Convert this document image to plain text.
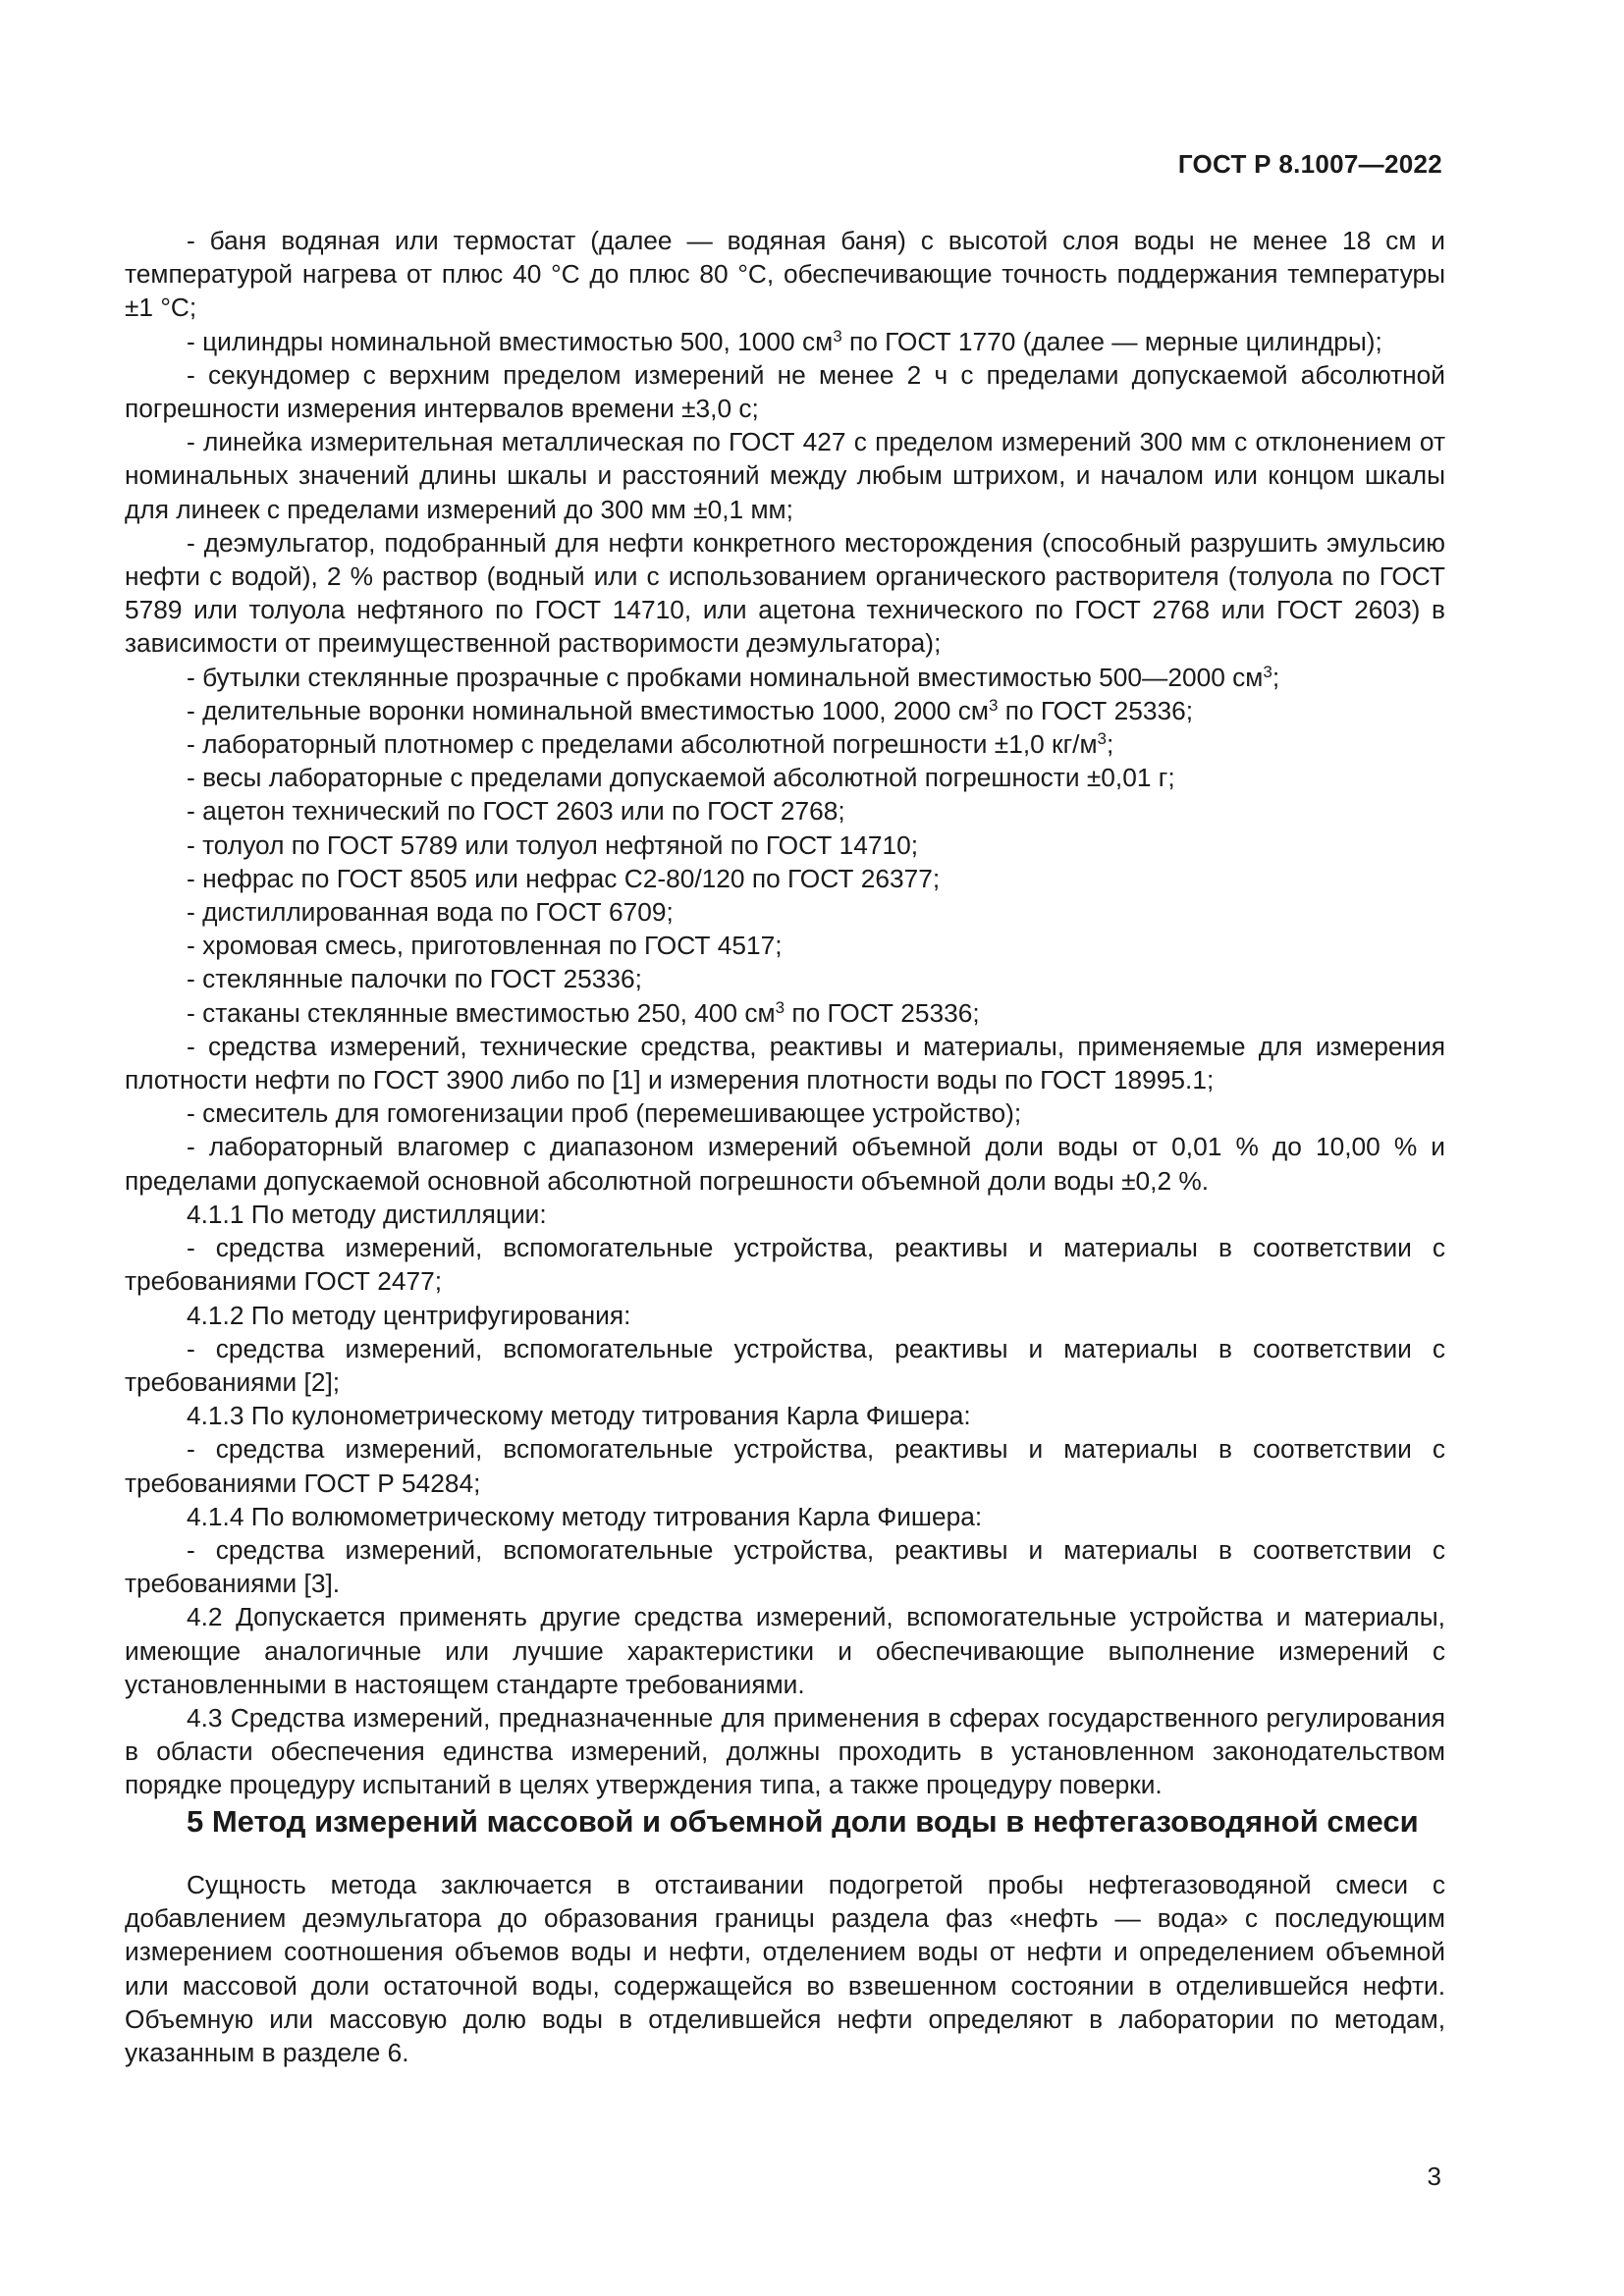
ГОСТ Р 8.1007—2022

- баня водяная или термостат (далее — водяная баня) с высотой слоя воды не менее 18 см и температурой нагрева от плюс 40 °С до плюс 80 °С, обеспечивающие точность поддержания температуры ±1 °С;

- цилиндры номинальной вместимостью 500, 1000 $см^3$ по ГОСТ 1770 (далее — мерные цилиндры);

- секундомер с верхним пределом измерений не менее 2 ч с пределами допускаемой абсолютной погрешности измерения интервалов времени ±3,0 с;

- линейка измерительная металлическая по ГОСТ 427 с пределом измерений 300 мм с отклонением от номинальных значений длины шкалы и расстояний между любым штрихом, и началом или концом шкалы для линеек с пределами измерений до 300 мм ±0,1 мм;

- деэмульгатор, подобранный для нефти конкретного месторождения (способный разрушить эмульсию нефти с водой), 2 % раствор (водный или с использованием органического растворителя (толуола по ГОСТ 5789 или толуола нефтяного по ГОСТ 14710, или ацетона технического по ГОСТ 2768 или ГОСТ 2603) в зависимости от преимущественной растворимости деэмульгатора);

- бутылки стеклянные прозрачные с пробками номинальной вместимостью 500—2000 $см^3$;

- делительные воронки номинальной вместимостью 1000, 2000 $см^3$ по ГОСТ 25336;

- лабораторный плотномер с пределами абсолютной погрешности ±1,0 $кг/м^3$;

- весы лабораторные с пределами допускаемой абсолютной погрешности ±0,01 г;

- ацетон технический по ГОСТ 2603 или по ГОСТ 2768;

- толуол по ГОСТ 5789 или толуол нефтяной по ГОСТ 14710;

- нефрас по ГОСТ 8505 или нефрас С2-80/120 по ГОСТ 26377;

- дистиллированная вода по ГОСТ 6709;

- хромовая смесь, приготовленная по ГОСТ 4517;

- стеклянные палочки по ГОСТ 25336;

- стаканы стеклянные вместимостью 250, 400 $см^3$ по ГОСТ 25336;

- средства измерений, технические средства, реактивы и материалы, применяемые для измерения плотности нефти по ГОСТ 3900 либо по [1] и измерения плотности воды по ГОСТ 18995.1;

- смеситель для гомогенизации проб (перемешивающее устройство);

- лабораторный влагомер с диапазоном измерений объемной доли воды от 0,01 % до 10,00 % и пределами допускаемой основной абсолютной погрешности объемной доли воды ±0,2 %.

4.1.1 По методу дистилляции:

- средства измерений, вспомогательные устройства, реактивы и материалы в соответствии с требованиями ГОСТ 2477;

4.1.2 По методу центрифугирования:

- средства измерений, вспомогательные устройства, реактивы и материалы в соответствии с требованиями [2];

4.1.3 По кулонометрическому методу титрования Карла Фишера:

- средства измерений, вспомогательные устройства, реактивы и материалы в соответствии с требованиями ГОСТ Р 54284;

4.1.4 По волюмометрическому методу титрования Карла Фишера:

- средства измерений, вспомогательные устройства, реактивы и материалы в соответствии с требованиями [3].

4.2 Допускается применять другие средства измерений, вспомогательные устройства и материалы, имеющие аналогичные или лучшие характеристики и обеспечивающие выполнение измерений с установленными в настоящем стандарте требованиями.

4.3 Средства измерений, предназначенные для применения в сферах государственного регулирования в области обеспечения единства измерений, должны проходить в установленном законодательством порядке процедуру испытаний в целях утверждения типа, а также процедуру поверки.

5 Метод измерений массовой и объемной доли воды в нефтегазоводяной смеси

Сущность метода заключается в отстаивании подогретой пробы нефтегазоводяной смеси с добавлением деэмульгатора до образования границы раздела фаз «нефть — вода» с последующим измерением соотношения объемов воды и нефти, отделением воды от нефти и определением объемной или массовой доли остаточной воды, содержащейся во взвешенном состоянии в отделившейся нефти. Объемную или массовую долю воды в отделившейся нефти определяют в лаборатории по методам, указанным в разделе 6.

3
